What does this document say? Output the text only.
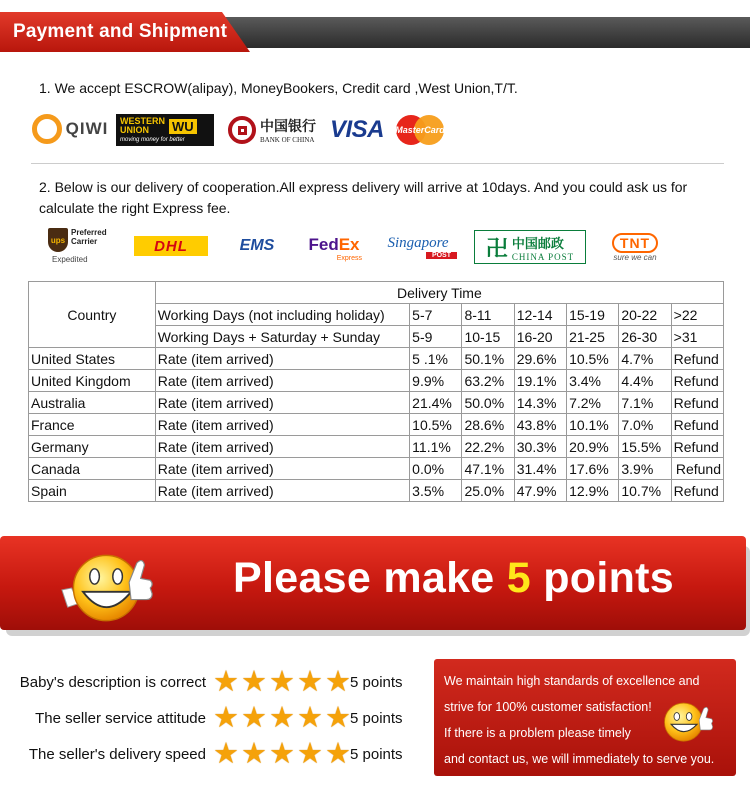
Payment and Shipment
1. We accept ESCROW(alipay), MoneyBookers, Credit card ,West Union,T/T.
QIWI WESTERN
UNION	WU
moving money for better
中国银行
BANK OF CHINA VISA	MasterCard
2. Below is our delivery of cooperation.All express delivery will arrive at 10days. And you could ask us for calculate the right Express fee.
ups
Preferred
Carrier
Expedited
DHL	EMS	FedEx
Express
Singapore
POST 卍 中国邮政
CHINA POST
TNT
sure we can
Country	Delivery Time						
	Working Days (not including holiday)	5-7	8-11	12-14	15-19	20-22	>22
	Working Days + Saturday + Sunday	5-9	10-15	16-20	21-25	26-30	>31
United States	Rate (item arrived)	5 .1%	50.1%	29.6%	10.5%	4.7%	Refund
United Kingdom	Rate (item arrived)	9.9%	63.2%	19.1%	3.4%	4.4%	Refund
Australia	Rate (item arrived)	21.4%	50.0%	14.3%	7.2%	7.1%	Refund
France	Rate (item arrived)	10.5%	28.6%	43.8%	10.1%	7.0%	Refund
Germany	Rate (item arrived)	11.1%	22.2%	30.3%	20.9%	15.5%	Refund
Canada	Rate (item arrived)	0.0%	47.1%	31.4%	17.6%	3.9%	Refund
Spain	Rate (item arrived)	3.5%	25.0%	47.9%	12.9%	10.7%	Refund
Please make 5 points
Baby's description is correct ★ ★ ★ ★ ★ 5 points
The seller service attitude ★ ★ ★ ★ ★ 5 points
The seller's delivery speed ★ ★ ★ ★ ★ 5 points

We maintain high standards of excellence and

strive for 100% customer satisfaction!

If there is a problem please timely

and contact us, we will immediately to serve you.
